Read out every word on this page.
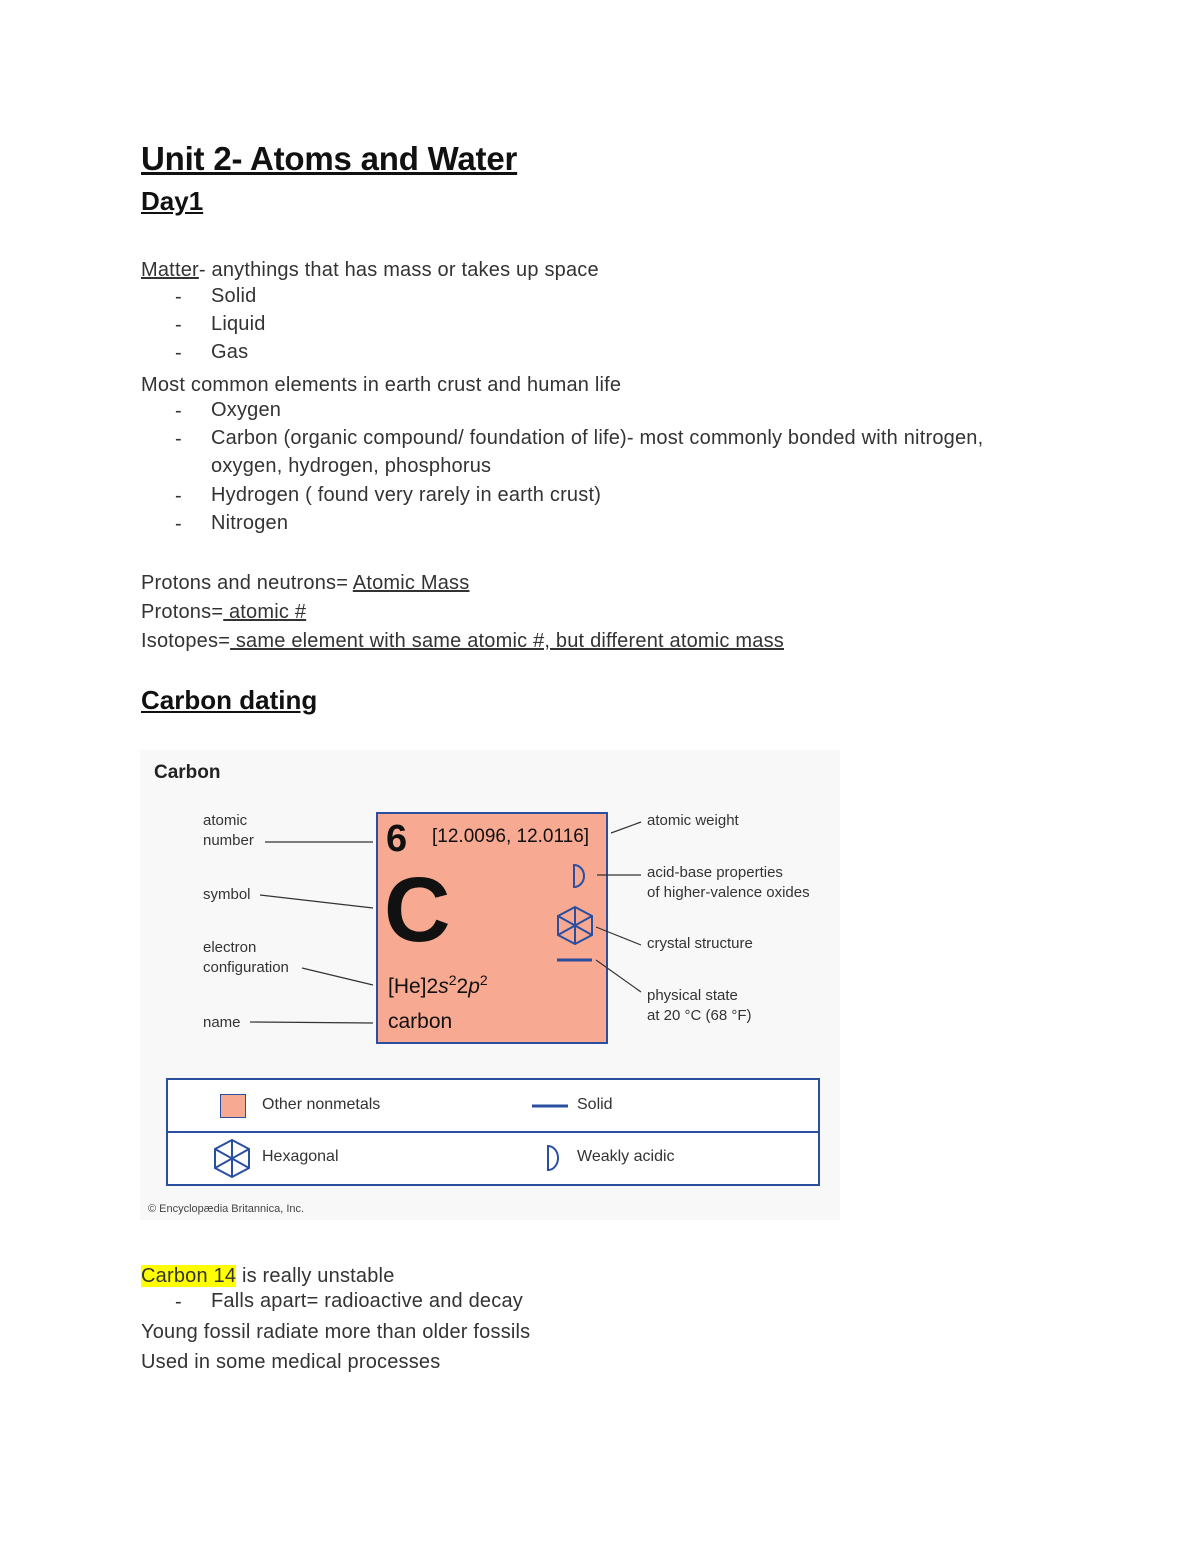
Unit 2- Atoms and Water
Day1
Matter- anythings that has mass or takes up space
- Solid
- Liquid
- Gas
Most common elements in earth crust and human life
- Oxygen
- Carbon (organic compound/ foundation of life)- most commonly bonded with nitrogen,
oxygen, hydrogen, phosphorus
- Hydrogen ( found very rarely in earth crust)
- Nitrogen
Protons and neutrons= Atomic Mass
Protons= atomic #
Isotopes= same element with same atomic #, but different atomic mass
Carbon dating
Carbon
atomic
number
symbol
electron
configuration
name
atomic weight
acid-base properties
of higher-valence oxides
crystal structure
physical state
at 20 °C (68 °F)
6 [12.0096, 12.0116]
C
$[He]2s^22p^2$
carbon
Other nonmetals	Solid
Hexagonal	Weakly acidic
© Encyclopædia Britannica, Inc.
Carbon 14 is really unstable
- Falls apart= radioactive and decay
Young fossil radiate more than older fossils
Used in some medical processes
